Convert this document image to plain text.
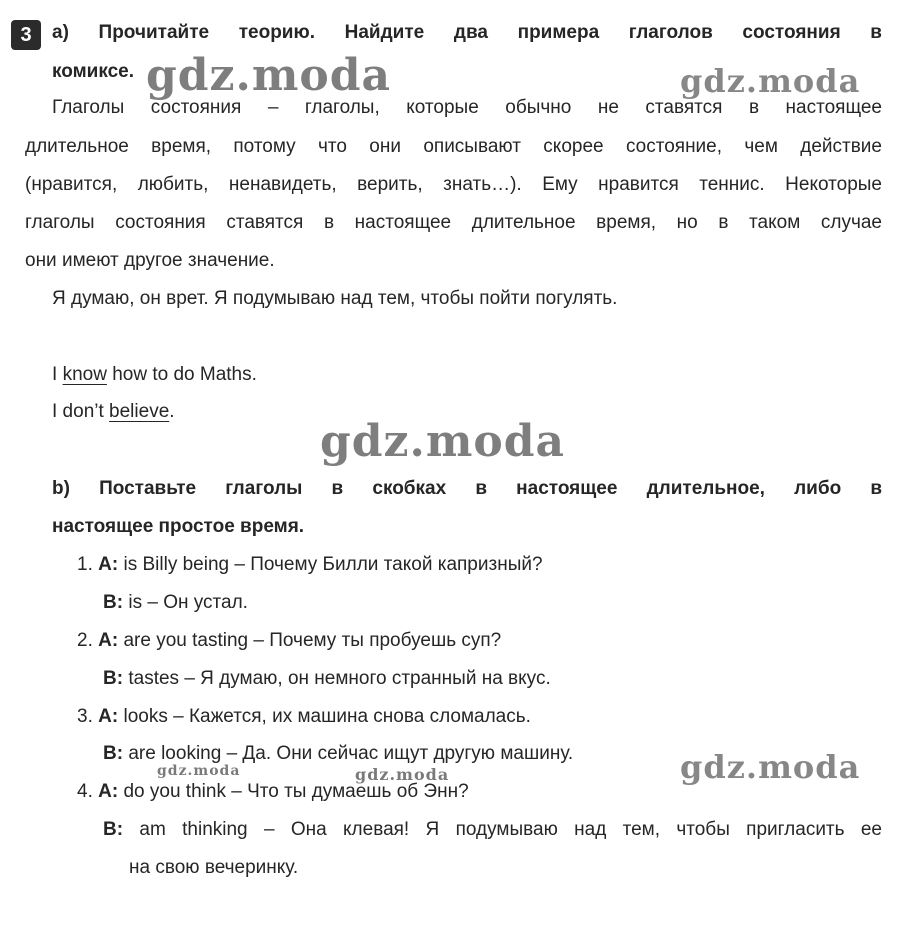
3	a) Прочитайте теорию. Найдите два примера глаголов состояния в
комиксе.
Глаголы состояния – глаголы, которые обычно не ставятся в настоящее
длительное время, потому что они описывают скорее состояние, чем действие
(нравится, любить, ненавидеть, верить, знать…). Ему нравится теннис. Некоторые
глаголы состояния ставятся в настоящее длительное время, но в таком случае
они имеют другое значение.
Я думаю, он врет. Я подумываю над тем, чтобы пойти погулять.
I know how to do Maths.
I don’t believe.
b) Поставьте глаголы в скобках в настоящее длительное, либо в
настоящее простое время.
1. A: is Billy being – Почему Билли такой капризный?
B: is – Он устал.
2. A: are you tasting – Почему ты пробуешь суп?
B: tastes – Я думаю, он немного странный на вкус.
3. A: looks – Кажется, их машина снова сломалась.
B: are looking – Да. Они сейчас ищут другую машину.
4. A: do you think – Что ты думаешь об Энн?
B: am thinking – Она клевая! Я подумываю над тем, чтобы пригласить ее
на свою вечеринку.
gdz.moda	gdz.moda
gdz.moda
gdz.moda
gdz.moda	gdz.moda
